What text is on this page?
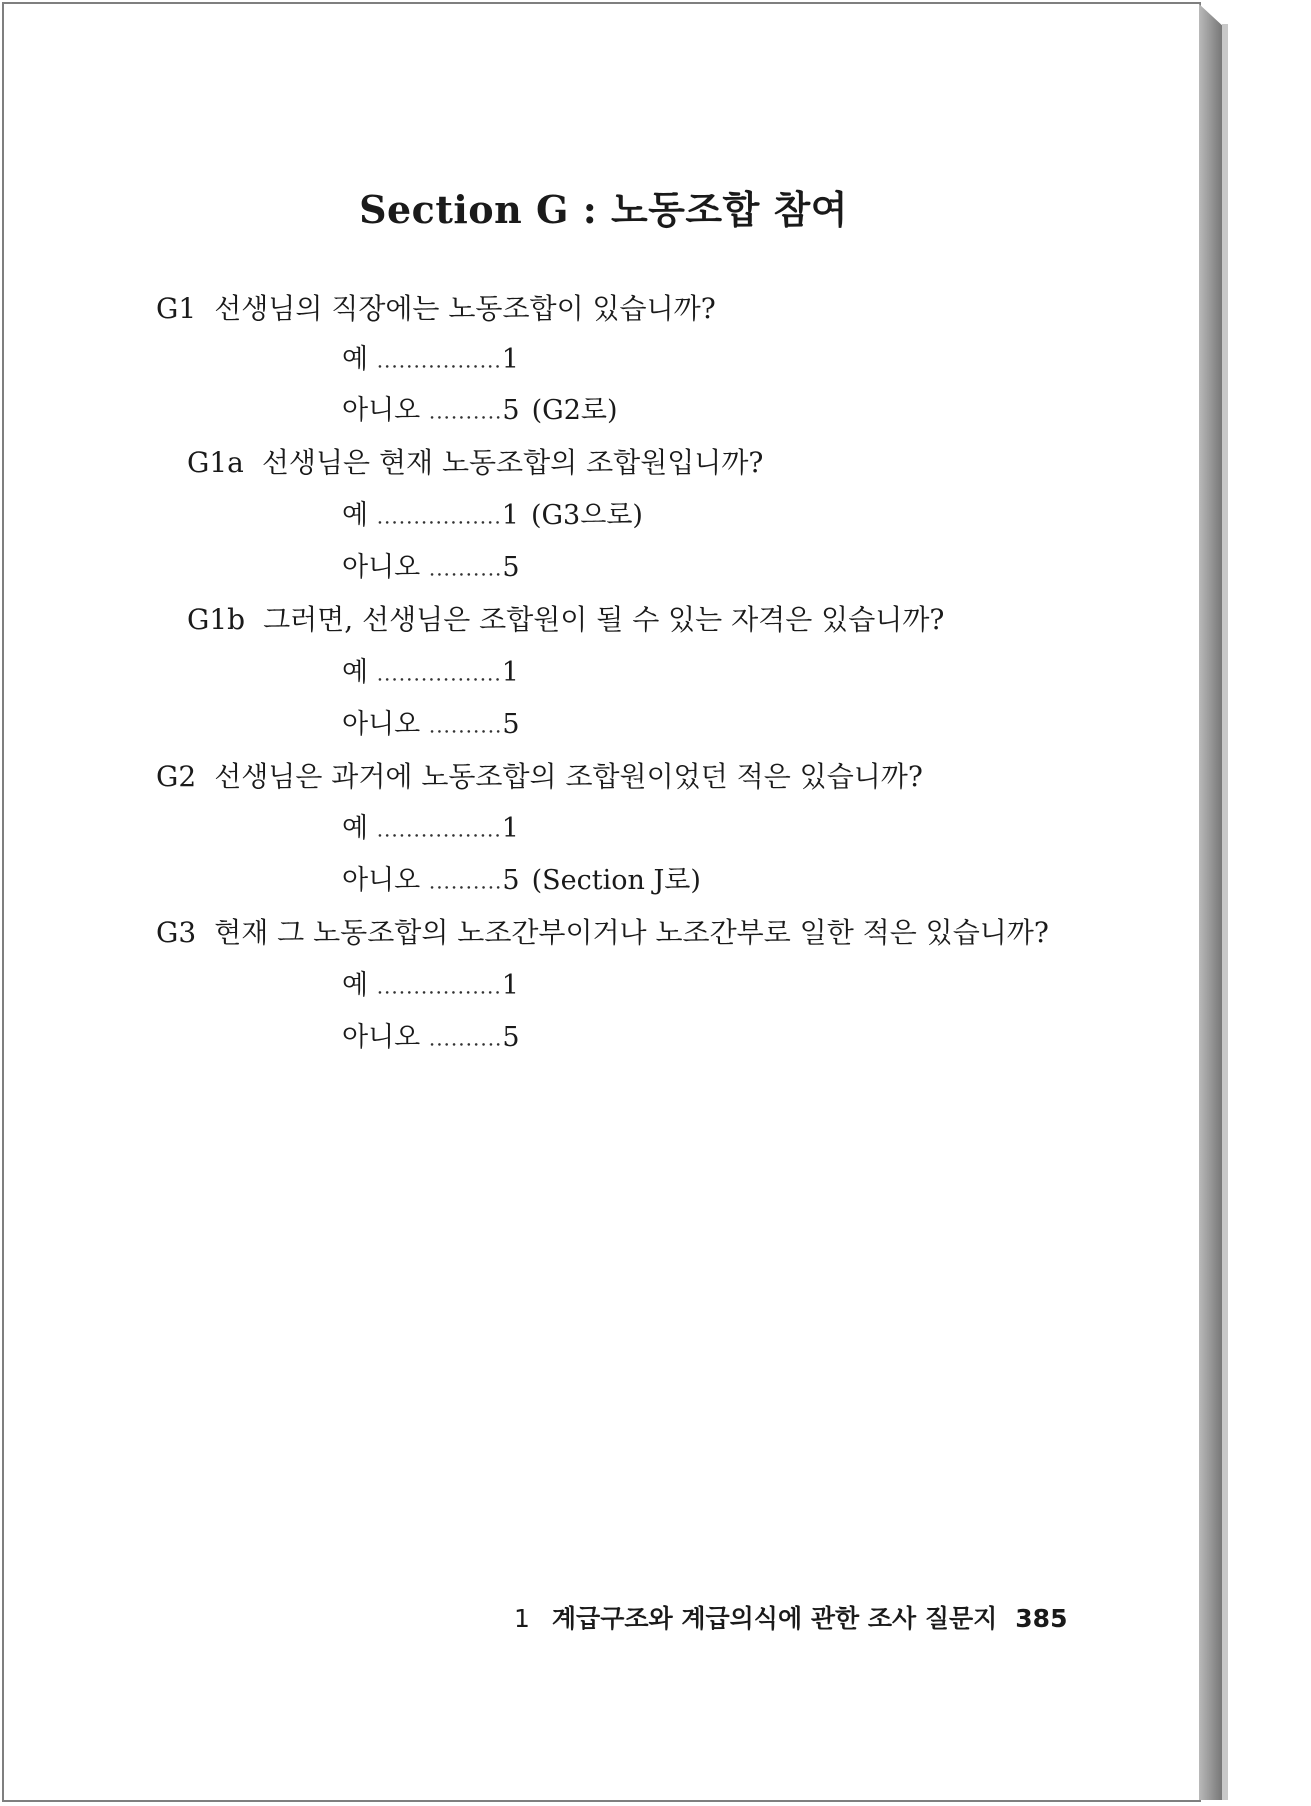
Section G : 노동조합 참여
G1 선생님의 직장에는 노동조합이 있습니까?
예 .................1
아니오 ..........5 (G2로)
G1a 선생님은 현재 노동조합의 조합원입니까?
예 .................1 (G3으로)
아니오 ..........5
G1b 그러면, 선생님은 조합원이 될 수 있는 자격은 있습니까?
예 .................1
아니오 ..........5
G2 선생님은 과거에 노동조합의 조합원이었던 적은 있습니까?
예 .................1
아니오 ..........5 (Section J로)
G3 현재 그 노동조합의 노조간부이거나 노조간부로 일한 적은 있습니까?
예 .................1
아니오 ..........5
1 계급구조와 계급의식에 관한 조사 질문지 385
